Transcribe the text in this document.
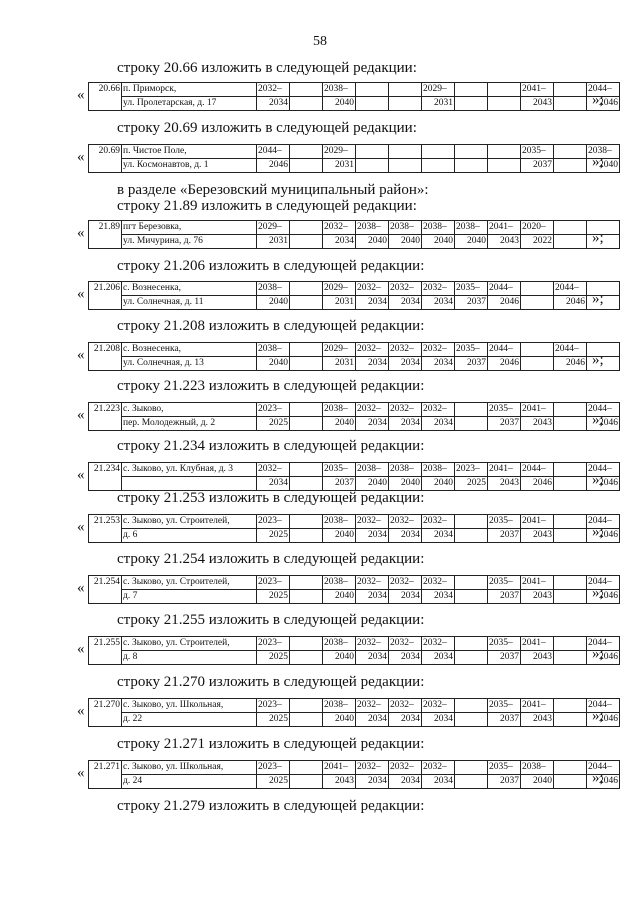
58
строку 20.66 изложить в следующей редакции:
« 20.66	п. Приморск,	2032–		2038–			2029–			2041–		2044–
	ул. Пролетарская, д. 17	2034		2040			2031			2043		2046
»;
строку 20.69 изложить в следующей редакции:
« 20.69	п. Чистое Поле,	2044–		2029–						2035–		2038–
	ул. Космонавтов, д. 1	2046		2031						2037		2040
»;
в разделе «Березовский муниципальный район»:
строку 21.89 изложить в следующей редакции:
« 21.89	пгт Березовка,	2029–		2032–	2038–	2038–	2038–	2038–	2041–	2020–		
	ул. Мичурина, д. 76	2031		2034	2040	2040	2040	2040	2043	2022			»;
строку 21.206 изложить в следующей редакции:
« 21.206	с. Вознесенка,	2038–		2029–	2032–	2032–	2032–	2035–	2044–		2044–	
	ул. Солнечная, д. 11	2040		2031	2034	2034	2034	2037	2046		2046	»;
строку 21.208 изложить в следующей редакции:
« 21.208	с. Вознесенка,	2038–		2029–	2032–	2032–	2032–	2035–	2044–		2044–	
	ул. Солнечная, д. 13	2040		2031	2034	2034	2034	2037	2046		2046	»;
строку 21.223 изложить в следующей редакции:
« 21.223	с. Зыково,	2023–		2038–	2032–	2032–	2032–		2035–	2041–		2044–
	пер. Молодежный, д. 2	2025		2040	2034	2034	2034		2037	2043		2046
»;
строку 21.234 изложить в следующей редакции:
« 21.234	с. Зыково, ул. Клубная, д. 3	2032–		2035–	2038–	2038–	2038–	2023–	2041–	2044–		2044–
		2034		2037	2040	2040	2040	2025	2043	2046		2046
»;
строку 21.253 изложить в следующей редакции:
« 21.253	с. Зыково, ул. Строителей,	2023–		2038–	2032–	2032–	2032–		2035–	2041–		2044–
	д. 6	2025		2040	2034	2034	2034		2037	2043		2046
»;
строку 21.254 изложить в следующей редакции:
« 21.254	с. Зыково, ул. Строителей,	2023–		2038–	2032–	2032–	2032–		2035–	2041–		2044–
	д. 7	2025		2040	2034	2034	2034		2037	2043		2046
»;
строку 21.255 изложить в следующей редакции:
« 21.255	с. Зыково, ул. Строителей,	2023–		2038–	2032–	2032–	2032–		2035–	2041–		2044–
	д. 8	2025		2040	2034	2034	2034		2037	2043		2046
»;
строку 21.270 изложить в следующей редакции:
« 21.270	с. Зыково, ул. Школьная,	2023–		2038–	2032–	2032–	2032–		2035–	2041–		2044–
	д. 22	2025		2040	2034	2034	2034		2037	2043		2046
»;
строку 21.271 изложить в следующей редакции:
« 21.271	с. Зыково, ул. Школьная,	2023–		2041–	2032–	2032–	2032–		2035–	2038–		2044–
	д. 24	2025		2043	2034	2034	2034		2037	2040		2046
»;
строку 21.279 изложить в следующей редакции:
